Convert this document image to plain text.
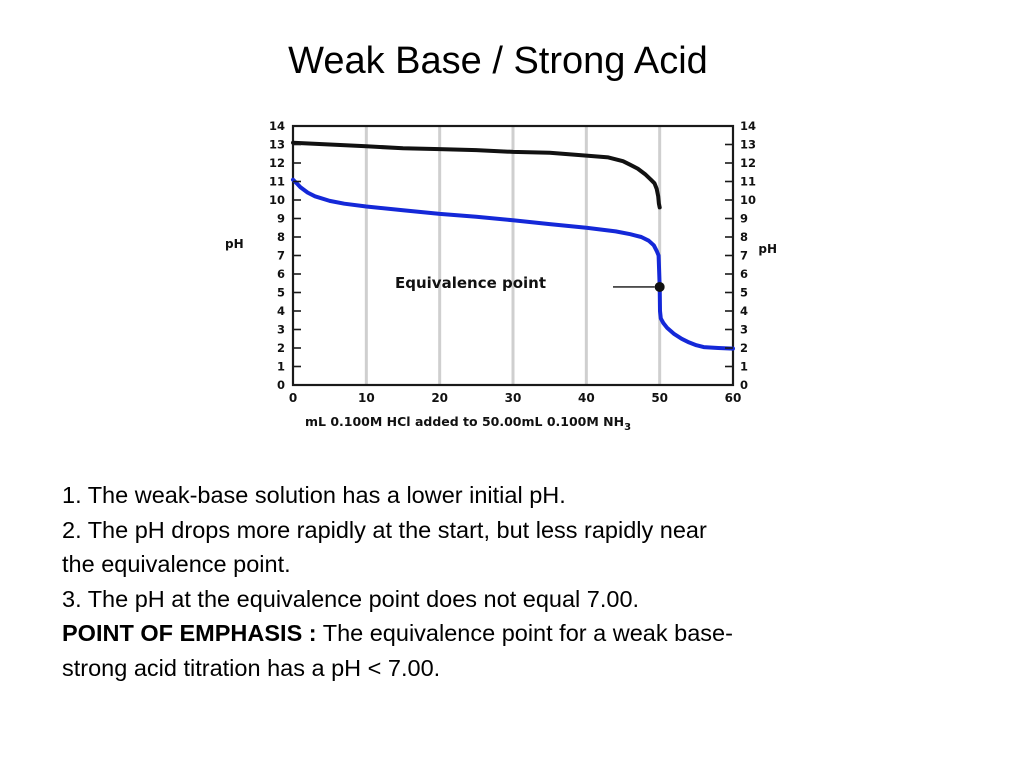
Weak Base / Strong Acid
0
1
2
3
4
5
6
7
8
9
10
11
12
13
14
0
1
2
3
4
5
6
7
8
9
10
11
12
13
14
0	10	20	30	40	50	60
pH	pH
mL 0.100M HCl added to 50.00mL 0.100M $NH_3$
Equivalence point
1. The weak-base solution has a lower initial pH.
2. The pH drops more rapidly at the start, but less rapidly near
the equivalence point.
3. The pH at the equivalence point does not equal 7.00.
POINT OF EMPHASIS : The equivalence point for a weak base-
strong acid titration has a pH < 7.00.
